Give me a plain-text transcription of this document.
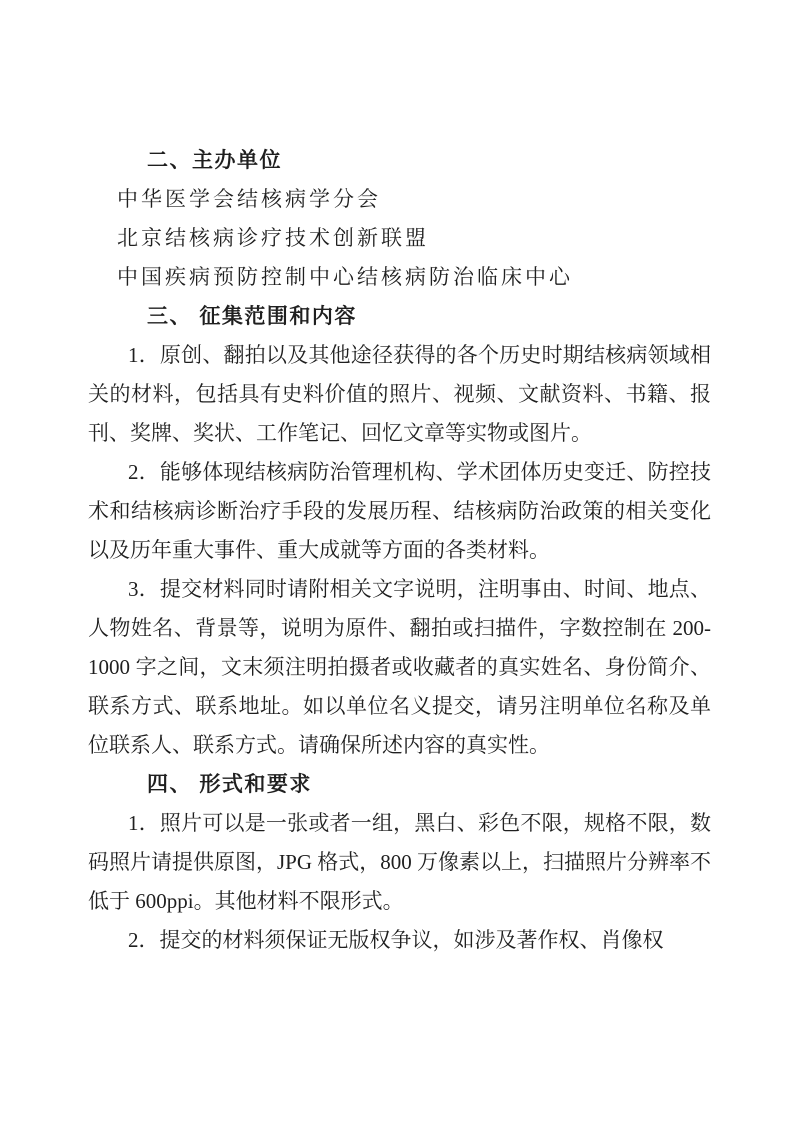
二、主办单位

中华医学会结核病学分会

北京结核病诊疗技术创新联盟

中国疾病预防控制中心结核病防治临床中心

三、 征集范围和内容

1．原创、翻拍以及其他途径获得的各个历史时期结核病领域相关的材料，包括具有史料价值的照片、视频、文献资料、书籍、报刊、奖牌、奖状、工作笔记、回忆文章等实物或图片。

2．能够体现结核病防治管理机构、学术团体历史变迁、防控技术和结核病诊断治疗手段的发展历程、结核病防治政策的相关变化以及历年重大事件、重大成就等方面的各类材料。

3．提交材料同时请附相关文字说明，注明事由、时间、地点、人物姓名、背景等，说明为原件、翻拍或扫描件，字数控制在 200-1000 字之间，文末须注明拍摄者或收藏者的真实姓名、身份简介、联系方式、联系地址。如以单位名义提交，请另注明单位名称及单位联系人、联系方式。请确保所述内容的真实性。

四、 形式和要求

1．照片可以是一张或者一组，黑白、彩色不限，规格不限，数码照片请提供原图，JPG 格式，800 万像素以上，扫描照片分辨率不低于 600ppi。其他材料不限形式。

2．提交的材料须保证无版权争议，如涉及著作权、肖像权
